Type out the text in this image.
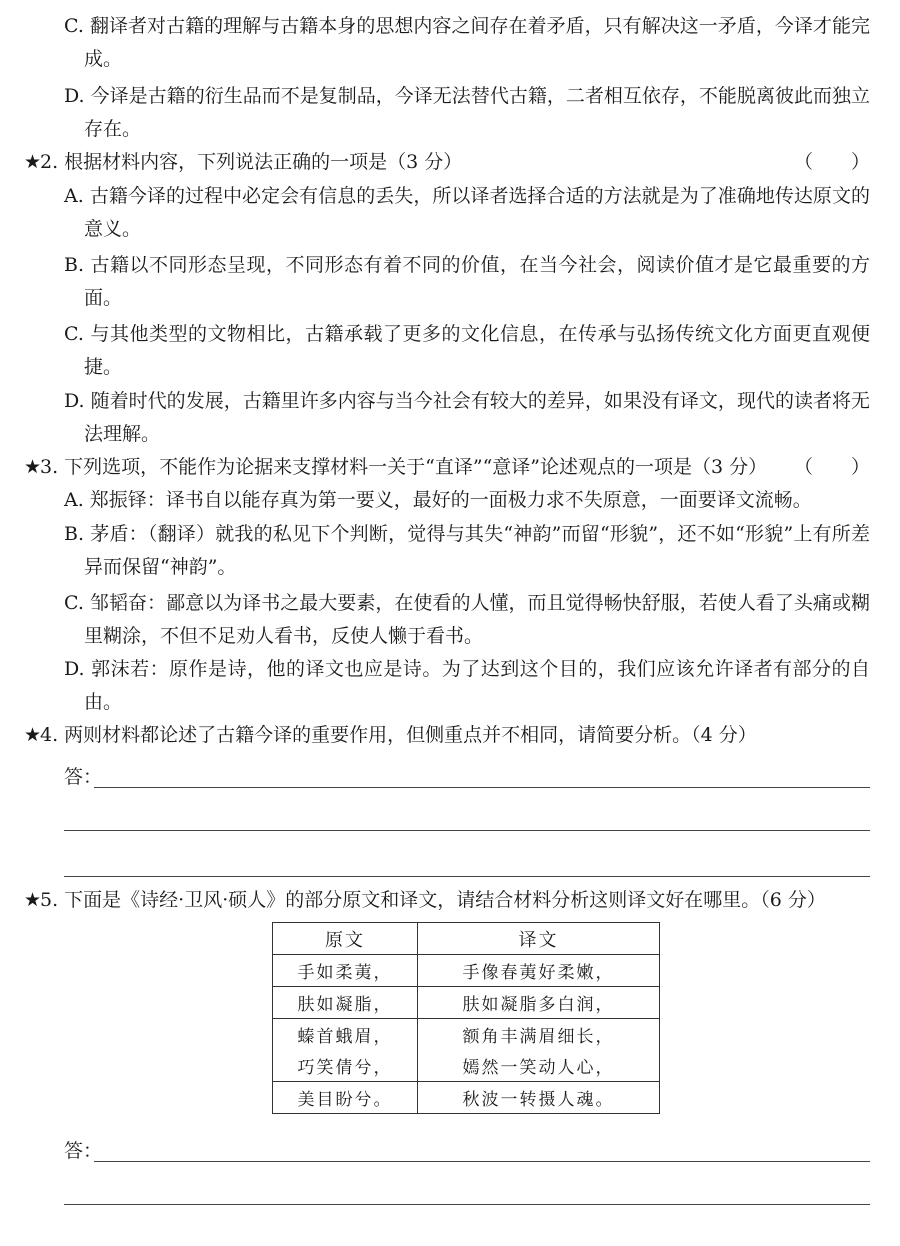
C. 翻译者对古籍的理解与古籍本身的思想内容之间存在着矛盾，只有解决这一矛盾，今译才能完成。
D. 今译是古籍的衍生品而不是复制品，今译无法替代古籍，二者相互依存，不能脱离彼此而独立存在。
★2. 根据材料内容，下列说法正确的一项是（3 分）	（　　）
A. 古籍今译的过程中必定会有信息的丢失，所以译者选择合适的方法就是为了准确地传达原文的意义。
B. 古籍以不同形态呈现，不同形态有着不同的价值，在当今社会，阅读价值才是它最重要的方面。
C. 与其他类型的文物相比，古籍承载了更多的文化信息，在传承与弘扬传统文化方面更直观便捷。
D. 随着时代的发展，古籍里许多内容与当今社会有较大的差异，如果没有译文，现代的读者将无法理解。
★3. 下列选项，不能作为论据来支撑材料一关于“直译”“意译”论述观点的一项是（3 分） （　　）
A. 郑振铎：译书自以能存真为第一要义，最好的一面极力求不失原意，一面要译文流畅。
B. 茅盾：（翻译）就我的私见下个判断，觉得与其失“神韵”而留“形貌”，还不如“形貌”上有所差异而保留“神韵”。
C. 邹韬奋：鄙意以为译书之最大要素，在使看的人懂，而且觉得畅快舒服，若使人看了头痛或糊里糊涂，不但不足劝人看书，反使人懒于看书。
D. 郭沫若：原作是诗，他的译文也应是诗。为了达到这个目的，我们应该允许译者有部分的自由。
★4. 两则材料都论述了古籍今译的重要作用，但侧重点并不相同，请简要分析。（4 分）
答：
★5. 下面是《诗经·卫风·硕人》的部分原文和译文，请结合材料分析这则译文好在哪里。（6 分）
原文	译文
手如柔荑，	手像春荑好柔嫩，
肤如凝脂，	肤如凝脂多白润，
螓首蛾眉，	额角丰满眉细长，
巧笑倩兮，	嫣然一笑动人心，
美目盼兮。	秋波一转摄人魂。
答：
